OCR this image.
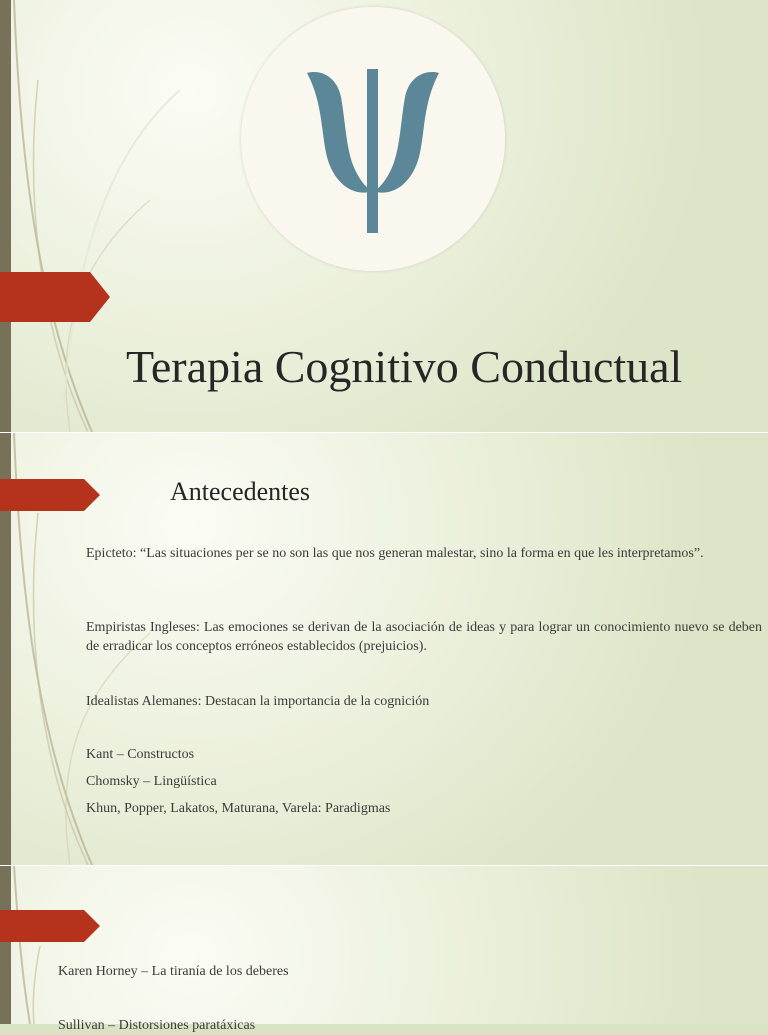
Terapia Cognitivo Conductual
Antecedentes

Epicteto: “Las situaciones per se no son las que nos generan malestar, sino la forma en que les interpretamos”.

Empiristas Ingleses: Las emociones se derivan de la asociación de ideas y para lograr un conocimiento nuevo se deben de erradicar los conceptos erróneos establecidos (prejuicios).

Idealistas Alemanes: Destacan la importancia de la cognición

Kant – Constructos

Chomsky – Lingüística

Khun, Popper, Lakatos, Maturana, Varela: Paradigmas

Karen Horney – La tiranía de los deberes

Sullivan – Distorsiones paratáxicas
